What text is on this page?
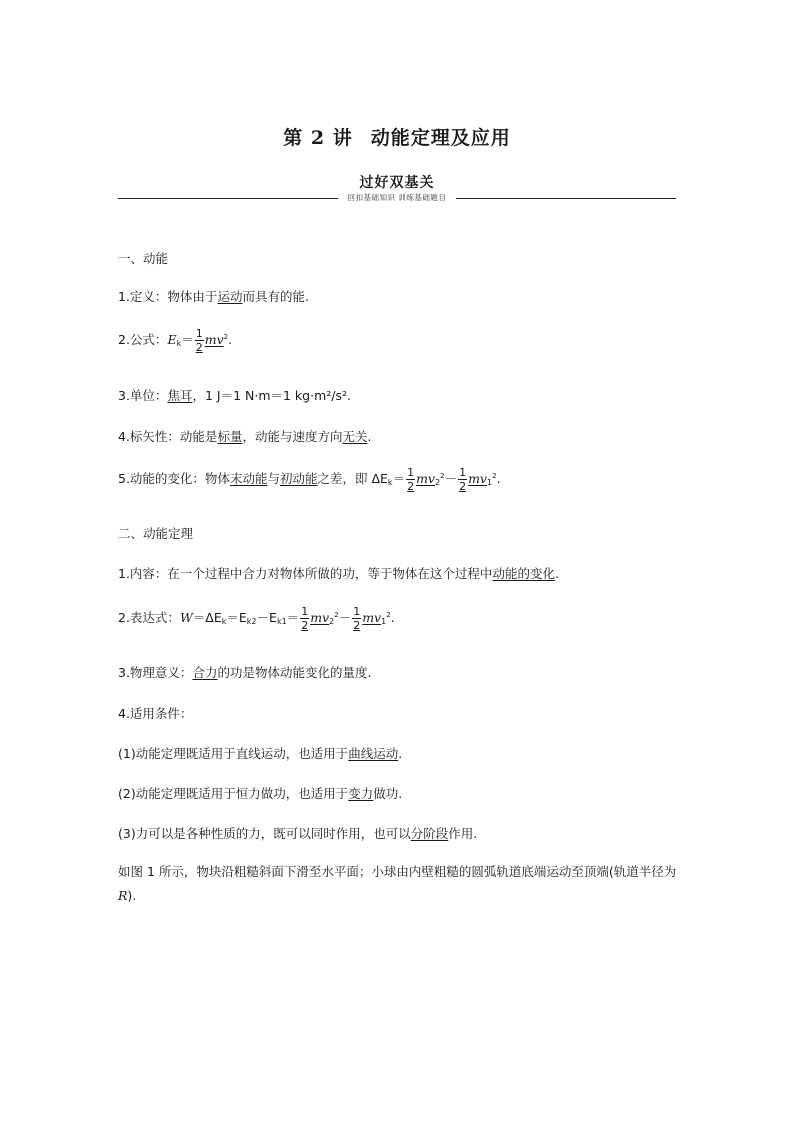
第 2 讲 动能定理及应用
过好双基关
回扣基础知识 训练基础题目
一、动能
1.定义：物体由于运动而具有的能.
2.公式：$E_k= \frac{1}{2} mv^2$.
3.单位：焦耳，1 J＝1 N·m＝1 kg·m²/s².
4.标矢性：动能是标量，动能与速度方向无关.
5.动能的变化：物体末动能与初动能之差，即 $\Delta E_k= \frac{1}{2} mv_2^2- \frac{1}{2} mv_1^2$.
二、动能定理
1.内容：在一个过程中合力对物体所做的功，等于物体在这个过程中动能的变化.
2.表达式：$W=\Delta E_k=E_{k2}-E_{k1}= \frac{1}{2} mv_2^2- \frac{1}{2} mv_1^2$.
3.物理意义：合力的功是物体动能变化的量度.
4.适用条件：
(1)动能定理既适用于直线运动，也适用于曲线运动.
(2)动能定理既适用于恒力做功，也适用于变力做功.
(3)力可以是各种性质的力，既可以同时作用，也可以分阶段作用.
如图 1 所示，物块沿粗糙斜面下滑至水平面；小球由内壁粗糙的圆弧轨道底端运动至顶端(轨道半径为 R).
